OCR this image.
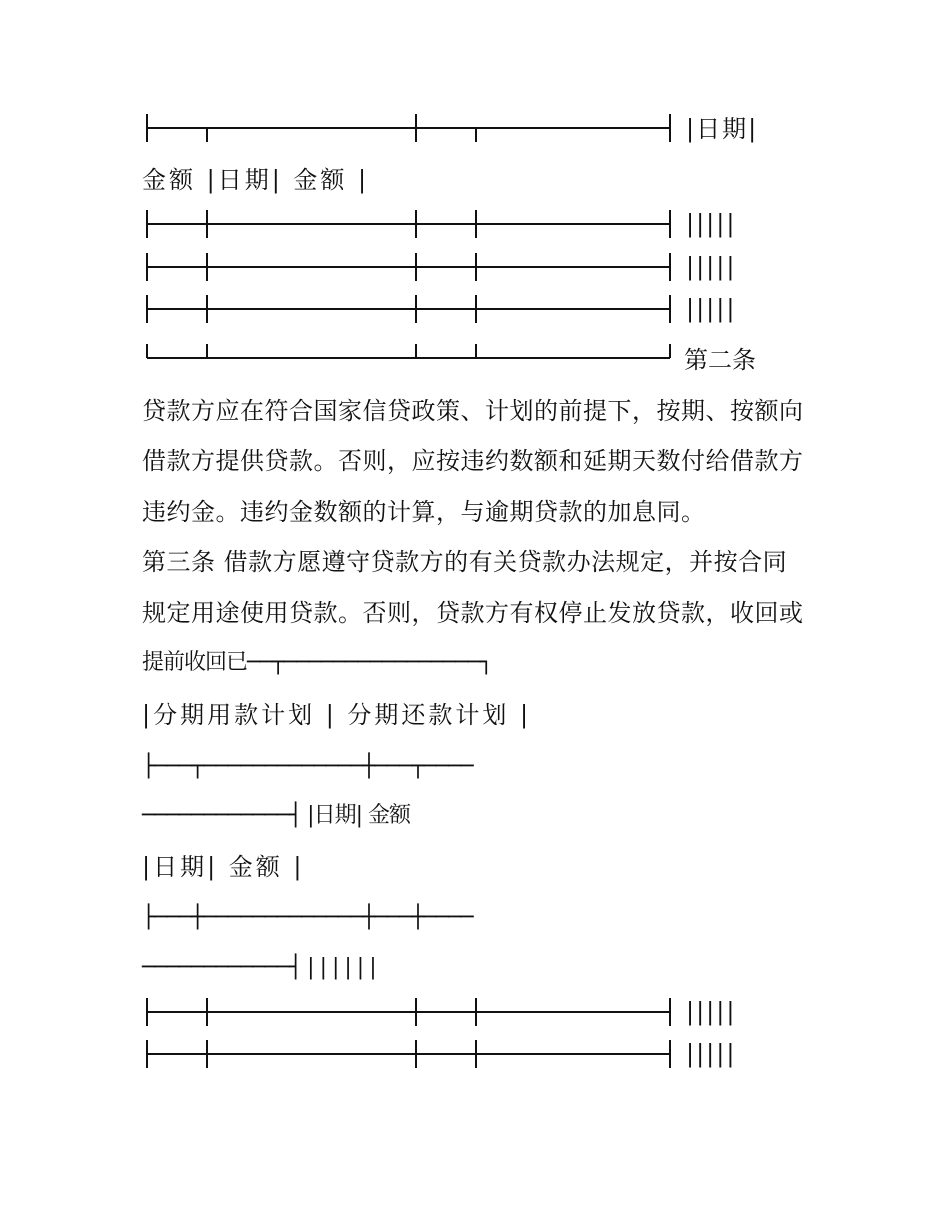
|日期|
金额 |日期| 金额 |
|||||
|||||
|||||
第二条
贷款方应在符合国家信贷政策、计划的前提下，按期、按额向
借款方提供贷款。否则，应按违约数额和延期天数付给借款方
违约金。违约金数额的计算，与逾期贷款的加息同。
第三条 借款方愿遵守贷款方的有关贷款办法规定，并按合同
规定用途使用贷款。否则，贷款方有权停止发放贷款，收回或
提前收回已──┬────────────────┐
|分期用款计划 | 分期还款计划 |
├───┬─────────────┼───┬────
────────────┤ |日期| 金额
|日期| 金额 |
├───┼─────────────┼───┼────
────────────┤ | | | | | |
|||||
|||||
